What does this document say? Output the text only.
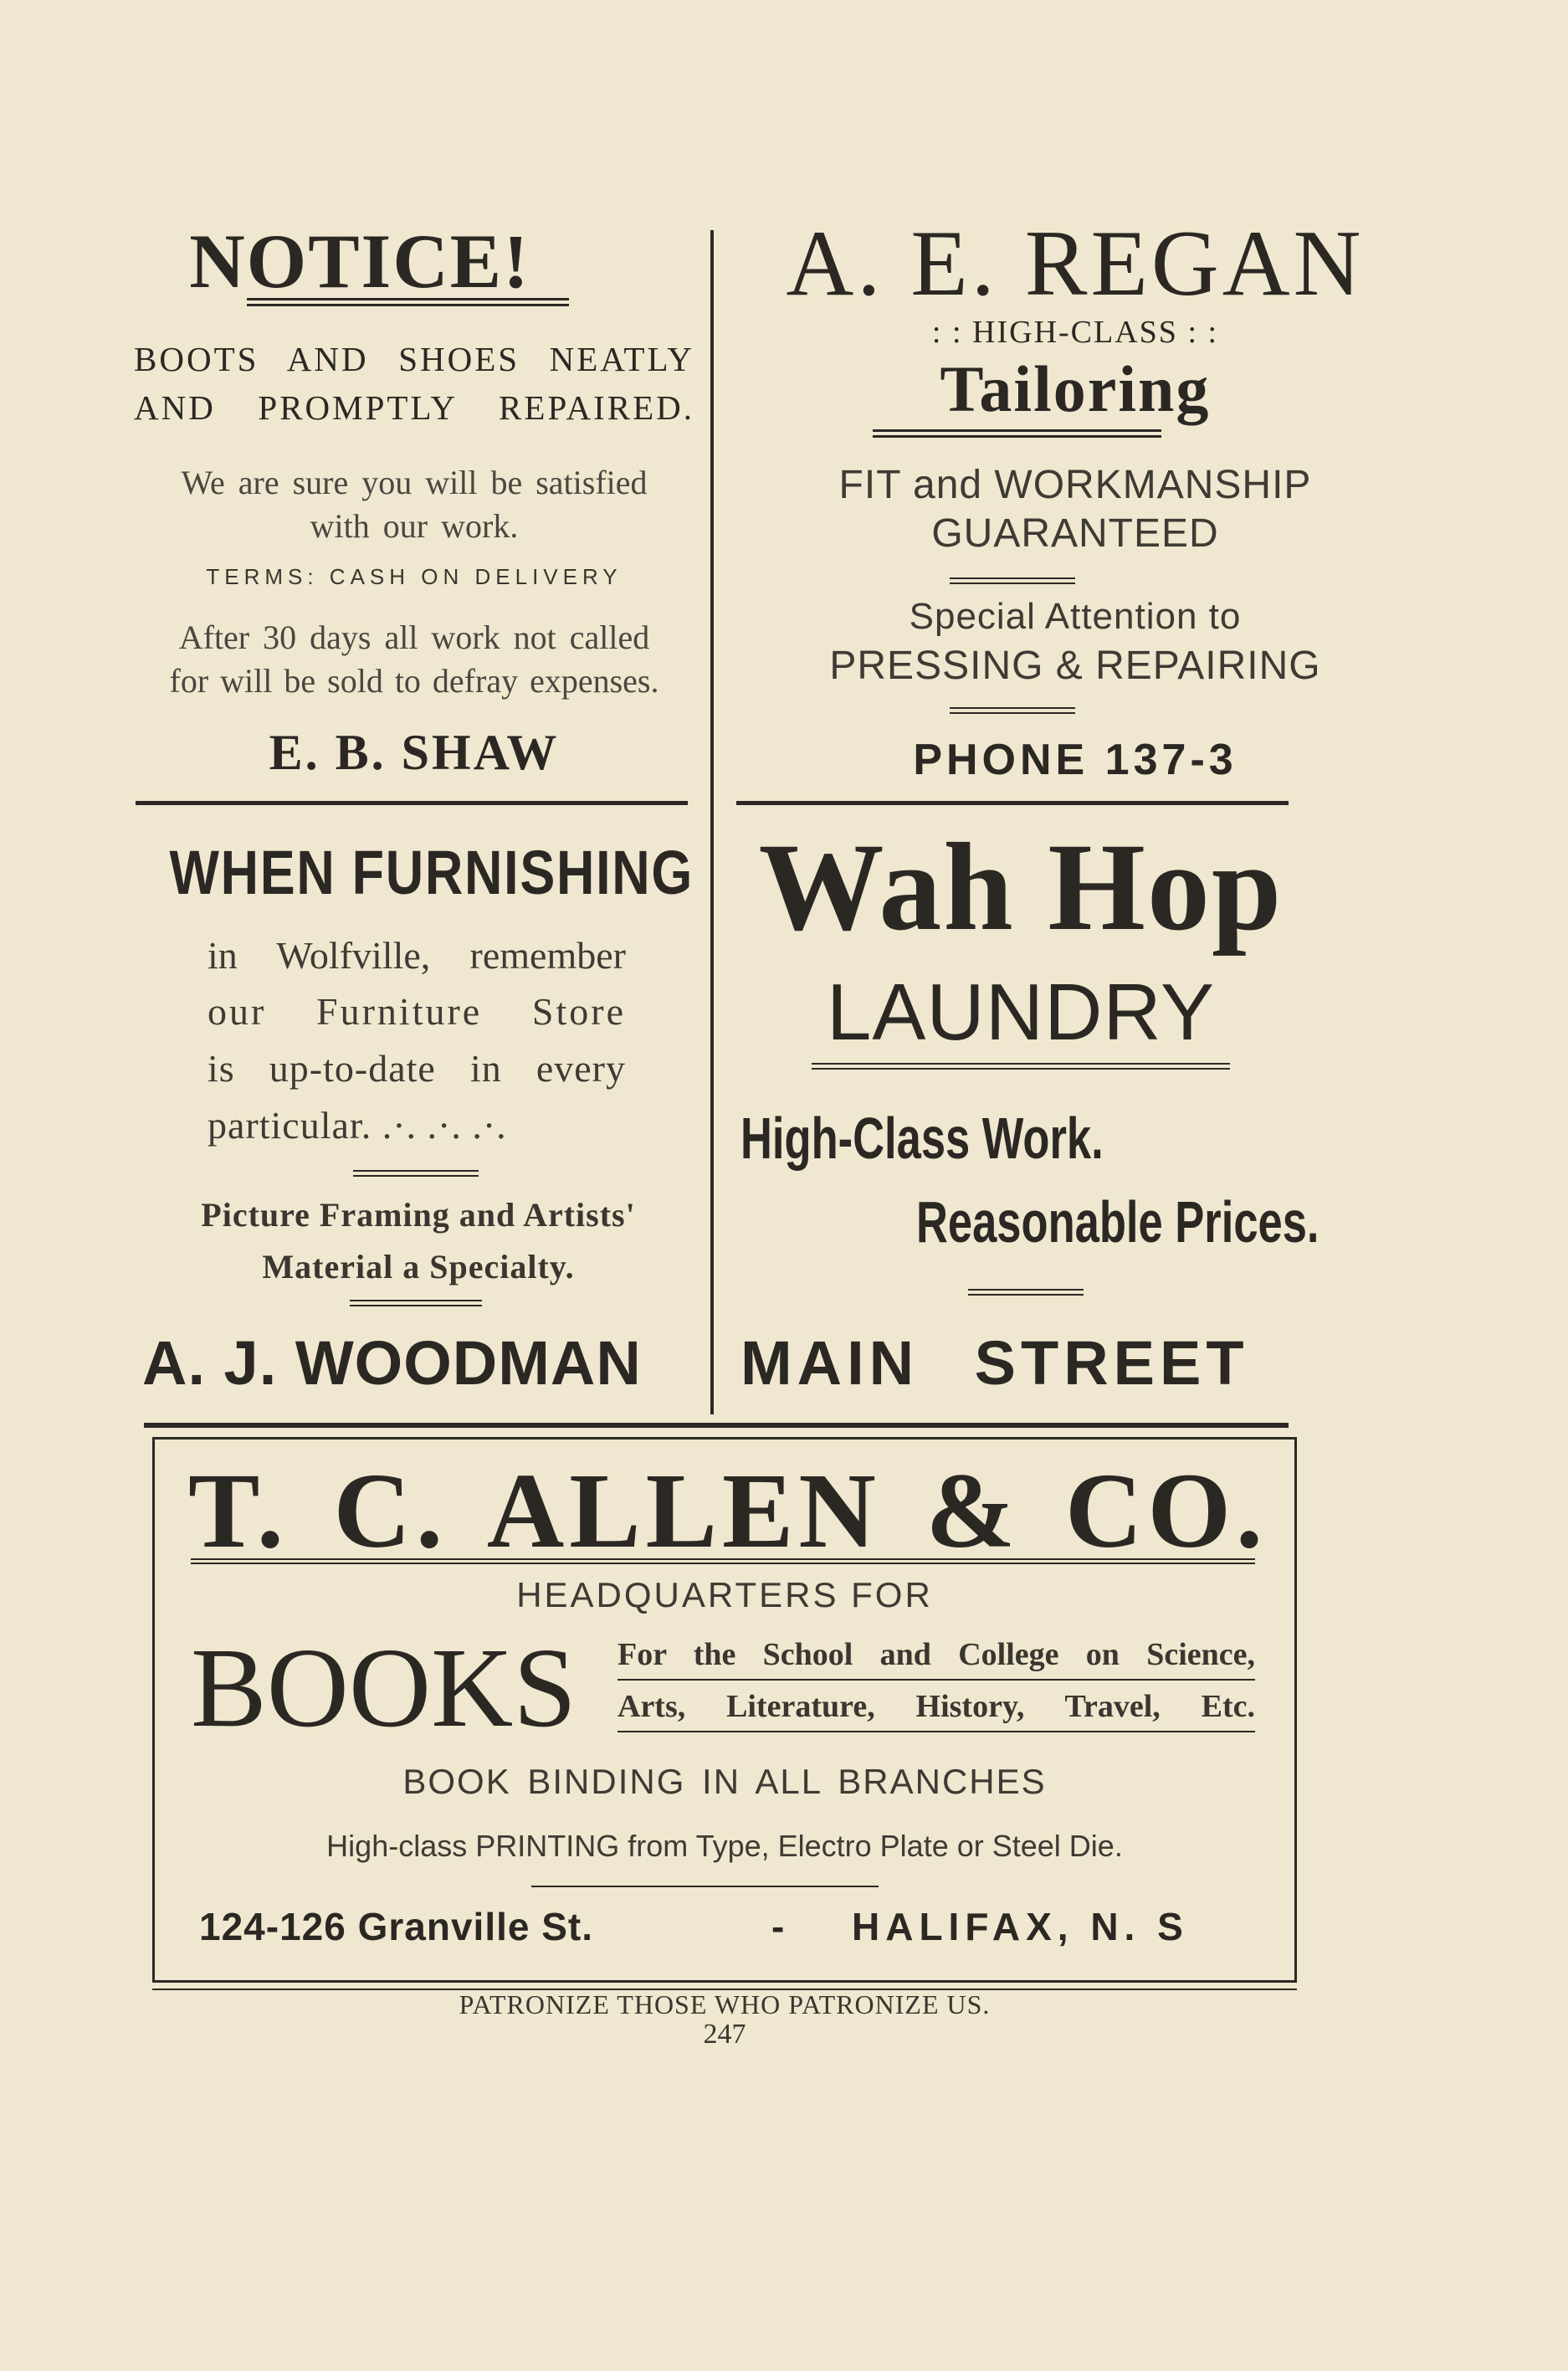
NOTICE!
BOOTS AND SHOES NEATLY
AND PROMPTLY REPAIRED.
We are sure you will be satisfied
with our work.
TERMS: CASH ON DELIVERY
After 30 days all work not called
for will be sold to defray expenses.
E. B. SHAW
A. E. REGAN
: : HIGH-CLASS : :
Tailoring
FIT and WORKMANSHIP
GUARANTEED
Special Attention to
PRESSING & REPAIRING
PHONE 137-3
WHEN FURNISHING
in Wolfville, remember
our Furniture Store
is up-to-date in every
particular. .·. .·. .·.
Picture Framing and Artists'
Material a Specialty.
A. J. WOODMAN
Wah Hop
LAUNDRY
High-Class Work.
Reasonable Prices.
MAIN STREET
T. C. ALLEN & CO.
HEADQUARTERS FOR
BOOKS For the School and College on Science,
Arts, Literature, History, Travel, Etc.
BOOK BINDING IN ALL BRANCHES
High-class PRINTING from Type, Electro Plate or Steel Die.
124-126 Granville St.	- HALIFAX, N. S
PATRONIZE THOSE WHO PATRONIZE US.
247
